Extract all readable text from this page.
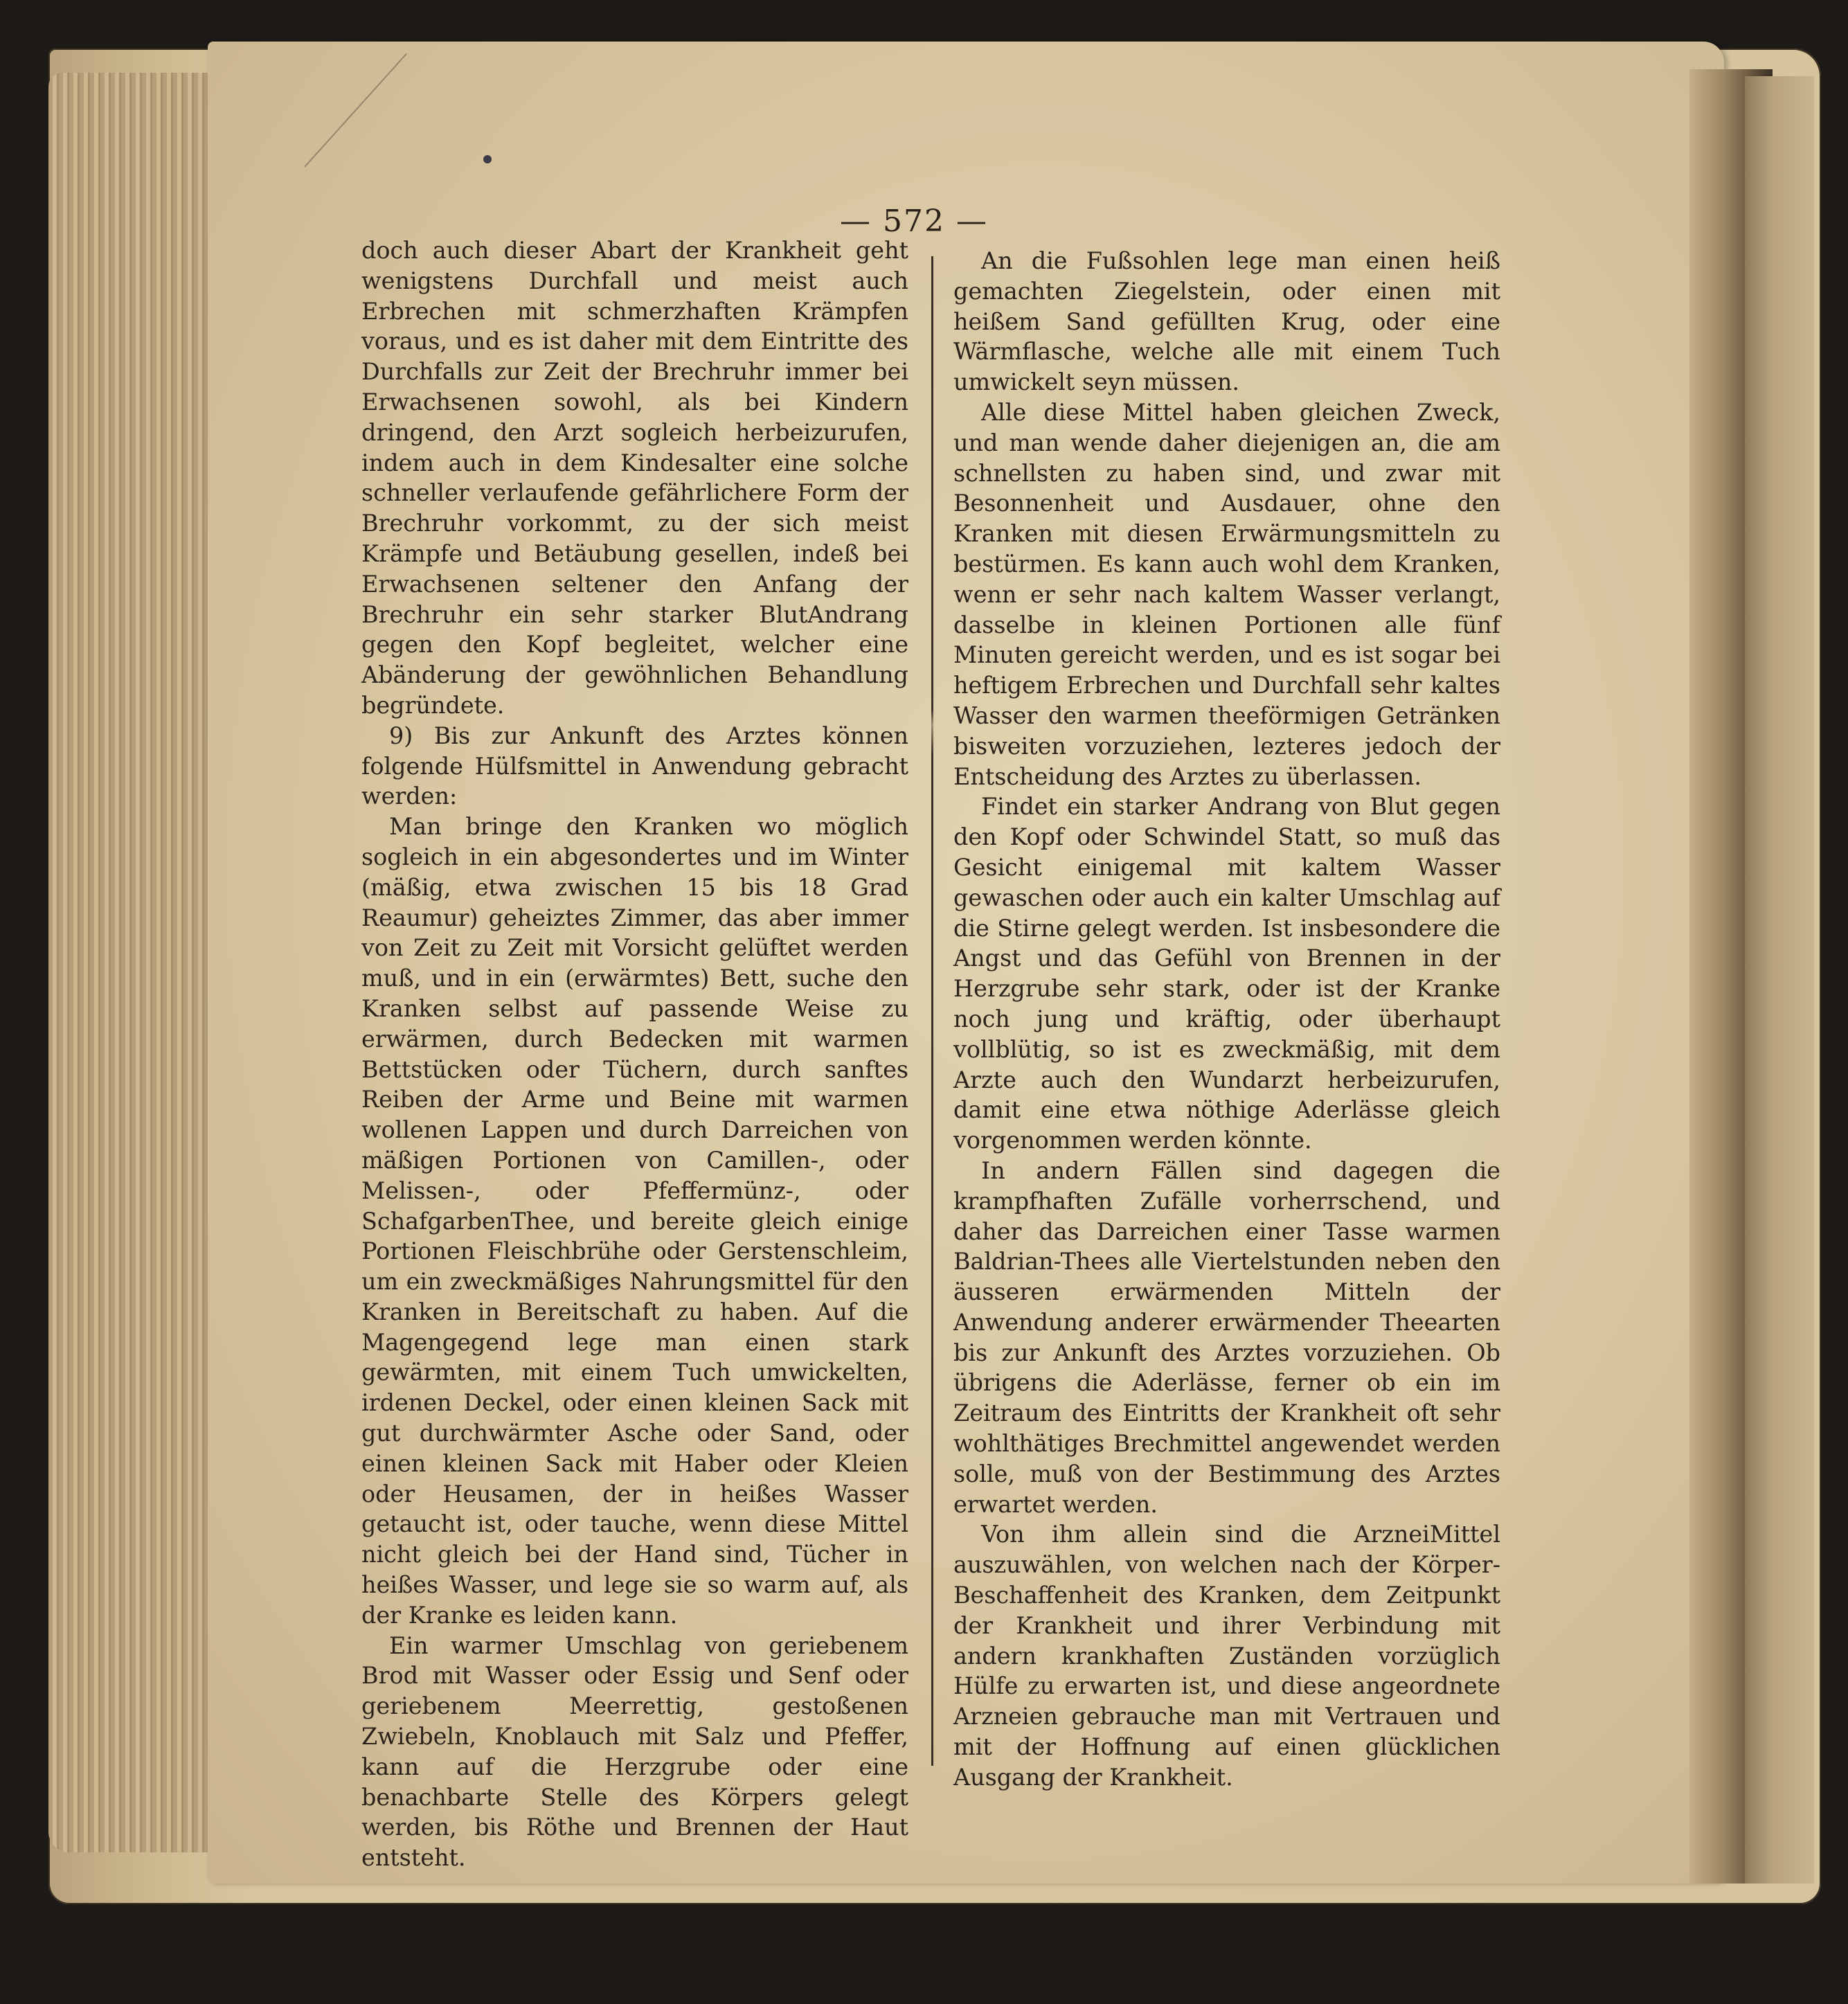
— 572 —

doch auch dieser Abart der Krankheit geht wenigstens Durchfall und meist auch Erbrechen mit schmerzhaften Krämpfen voraus, und es ist daher mit dem Eintritte des Durchfalls zur Zeit der Brechruhr immer bei Erwachsenen sowohl, als bei Kindern dringend, den Arzt sogleich herbeizurufen, indem auch in dem Kindesalter eine solche schneller verlaufende gefährlichere Form der Brechruhr vorkommt, zu der sich meist Krämpfe und Betäubung gesellen, indeß bei Erwachsenen seltener den Anfang der Brechruhr ein sehr starker BlutAndrang gegen den Kopf begleitet, welcher eine Abänderung der gewöhnlichen Behandlung begründete.

9) Bis zur Ankunft des Arztes können folgende Hülfsmittel in Anwendung gebracht werden:

Man bringe den Kranken wo möglich sogleich in ein abgesondertes und im Winter (mäßig, etwa zwischen 15 bis 18 Grad Reaumur) geheiztes Zimmer, das aber immer von Zeit zu Zeit mit Vorsicht gelüftet werden muß, und in ein (erwärmtes) Bett, suche den Kranken selbst auf passende Weise zu erwärmen, durch Bedecken mit warmen Bettstücken oder Tüchern, durch sanftes Reiben der Arme und Beine mit warmen wollenen Lappen und durch Darreichen von mäßigen Portionen von Camillen-, oder Melissen-, oder Pfeffermünz-, oder SchafgarbenThee, und bereite gleich einige Portionen Fleischbrühe oder Gerstenschleim, um ein zweckmäßiges Nahrungsmittel für den Kranken in Bereitschaft zu haben. Auf die Magengegend lege man einen stark gewärmten, mit einem Tuch umwickelten, irdenen Deckel, oder einen kleinen Sack mit gut durchwärmter Asche oder Sand, oder einen kleinen Sack mit Haber oder Kleien oder Heusamen, der in heißes Wasser getaucht ist, oder tauche, wenn diese Mittel nicht gleich bei der Hand sind, Tücher in heißes Wasser, und lege sie so warm auf, als der Kranke es leiden kann.

Ein warmer Umschlag von geriebenem Brod mit Wasser oder Essig und Senf oder geriebenem Meerrettig, gestoßenen Zwiebeln, Knoblauch mit Salz und Pfeffer, kann auf die Herzgrube oder eine benachbarte Stelle des Körpers gelegt werden, bis Röthe und Brennen der Haut entsteht.

An die Fußsohlen lege man einen heiß gemachten Ziegelstein, oder einen mit heißem Sand gefüllten Krug, oder eine Wärmflasche, welche alle mit einem Tuch umwickelt seyn müssen.

Alle diese Mittel haben gleichen Zweck, und man wende daher diejenigen an, die am schnellsten zu haben sind, und zwar mit Besonnenheit und Ausdauer, ohne den Kranken mit diesen Erwärmungsmitteln zu bestürmen. Es kann auch wohl dem Kranken, wenn er sehr nach kaltem Wasser verlangt, dasselbe in kleinen Portionen alle fünf Minuten gereicht werden, und es ist sogar bei heftigem Erbrechen und Durchfall sehr kaltes Wasser den warmen theeförmigen Getränken bisweiten vorzuziehen, lezteres jedoch der Entscheidung des Arztes zu überlassen.

Findet ein starker Andrang von Blut gegen den Kopf oder Schwindel Statt, so muß das Gesicht einigemal mit kaltem Wasser gewaschen oder auch ein kalter Umschlag auf die Stirne gelegt werden. Ist insbesondere die Angst und das Gefühl von Brennen in der Herzgrube sehr stark, oder ist der Kranke noch jung und kräftig, oder überhaupt vollblütig, so ist es zweckmäßig, mit dem Arzte auch den Wundarzt herbeizurufen, damit eine etwa nöthige Aderlässe gleich vorgenommen werden könnte.

In andern Fällen sind dagegen die krampfhaften Zufälle vorherrschend, und daher das Darreichen einer Tasse warmen Baldrian-Thees alle Viertelstunden neben den äusseren erwärmenden Mitteln der Anwendung anderer erwärmender Theearten bis zur Ankunft des Arztes vorzuziehen. Ob übrigens die Aderlässe, ferner ob ein im Zeitraum des Eintritts der Krankheit oft sehr wohlthätiges Brechmittel angewendet werden solle, muß von der Bestimmung des Arztes erwartet werden.

Von ihm allein sind die ArzneiMittel auszuwählen, von welchen nach der Körper-Beschaffenheit des Kranken, dem Zeitpunkt der Krankheit und ihrer Verbindung mit andern krankhaften Zuständen vorzüglich Hülfe zu erwarten ist, und diese angeordnete Arzneien gebrauche man mit Vertrauen und mit der Hoffnung auf einen glücklichen Ausgang der Krankheit.
